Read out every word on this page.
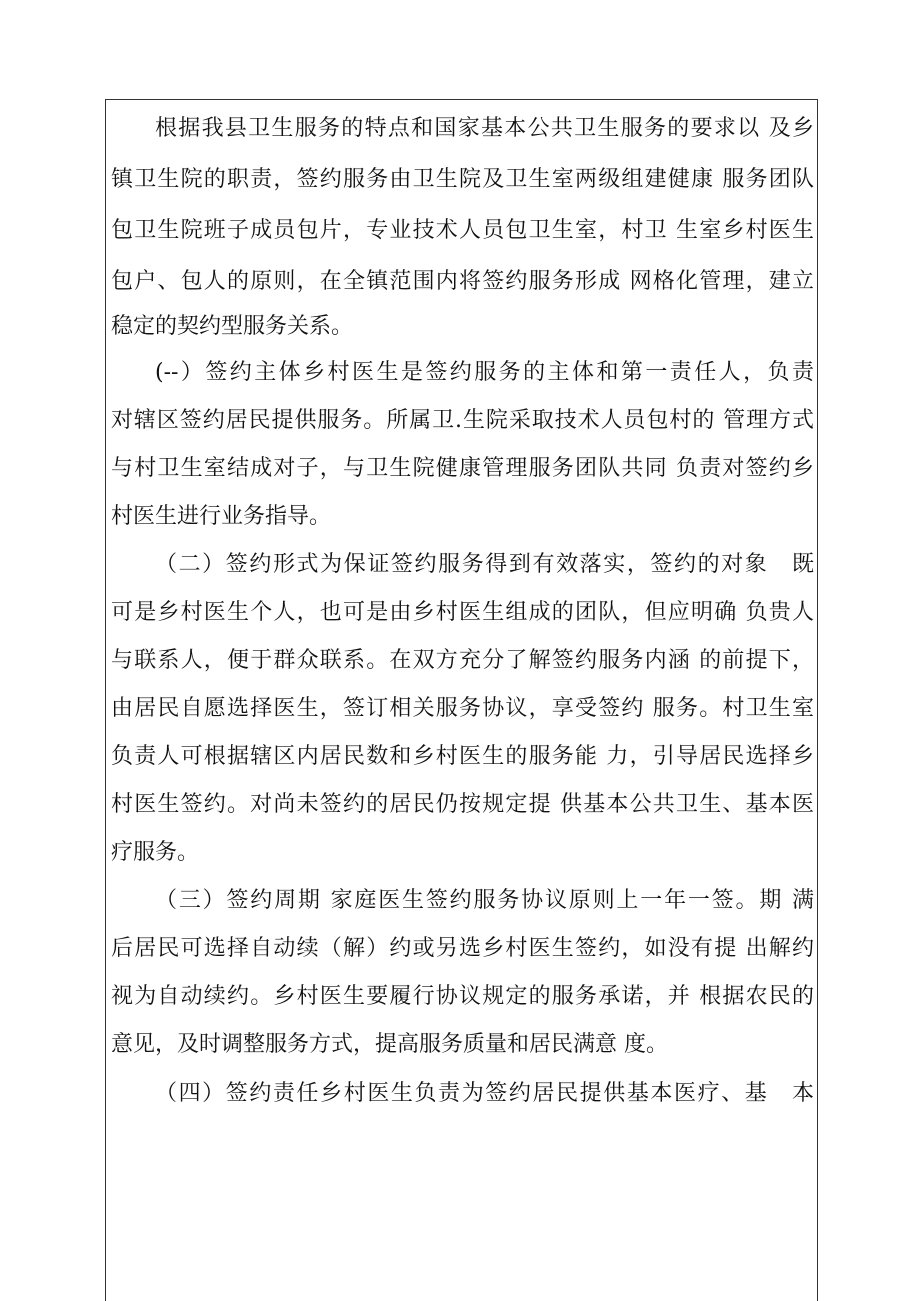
根据我县卫生服务的特点和国家基本公共卫生服务的要求以 及乡
镇卫生院的职责，签约服务由卫生院及卫生室两级组建健康 服务团队
包卫生院班子成员包片，专业技术人员包卫生室，村卫 生室乡村医生
包户、包人的原则，在全镇范围内将签约服务形成 网格化管理，建立
稳定的契约型服务关系。
(--）签约主体乡村医生是签约服务的主体和第一责任人，负责
对辖区签约居民提供服务。所属卫.生院采取技术人员包村的 管理方式
与村卫生室结成对子，与卫生院健康管理服务团队共同 负责对签约乡
村医生进行业务指导。
（二）签约形式为保证签约服务得到有效落实，签约的对象　既
可是乡村医生个人，也可是由乡村医生组成的团队，但应明确 负贵人
与联系人，便于群众联系。在双方充分了解签约服务内涵 的前提下，
由居民自愿选择医生，签订相关服务协议，享受签约 服务。村卫生室
负责人可根据辖区内居民数和乡村医生的服务能 力，引导居民选择乡
村医生签约。对尚未签约的居民仍按规定提 供基本公共卫生、基本医
疗服务。
（三）签约周期 家庭医生签约服务协议原则上一年一签。期 满
后居民可选择自动续（解）约或另选乡村医生签约，如没有提 出解约
视为自动续约。乡村医生要履行协议规定的服务承诺，并 根据农民的
意见，及时调整服务方式，提高服务质量和居民满意 度。
（四）签约责任乡村医生负责为签约居民提供基本医疗、基　本
